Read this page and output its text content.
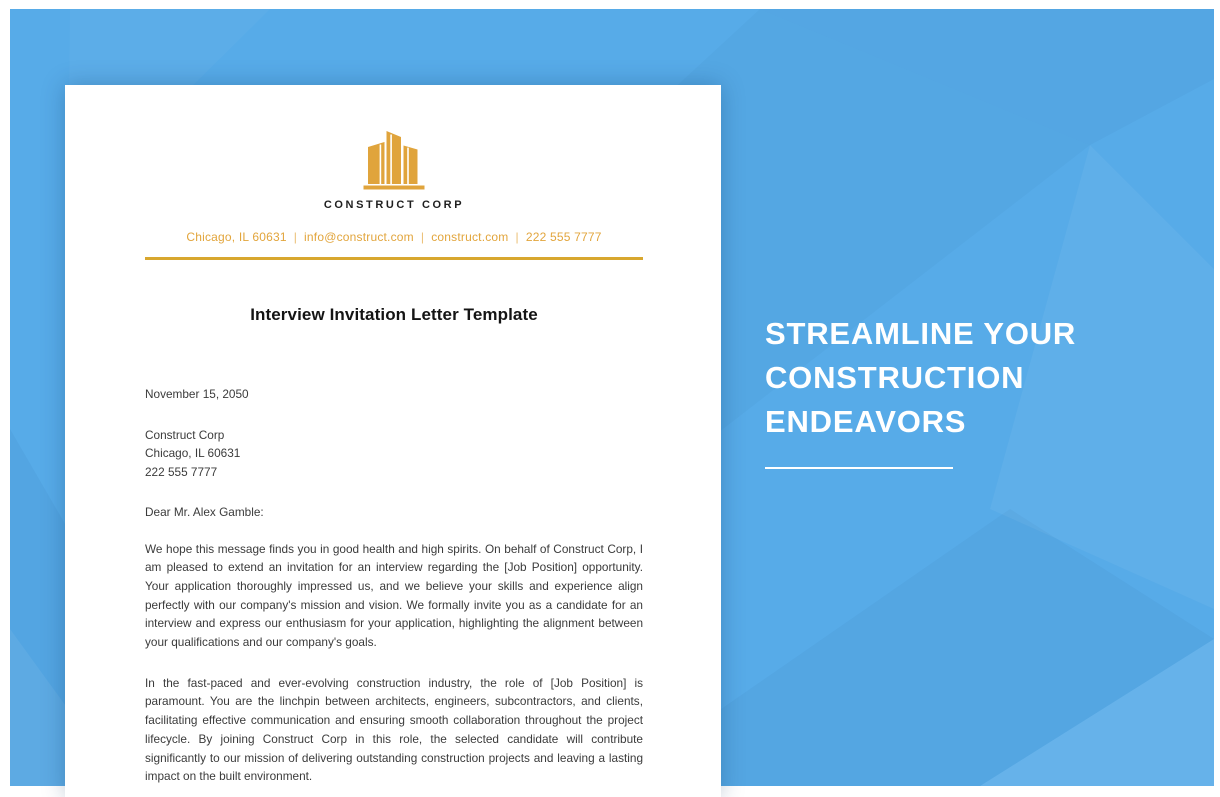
STREAMLINE YOUR
CONSTRUCTION
ENDEAVORS
CONSTRUCT CORP
Chicago, IL 60631 | info@construct.com | construct.com | 222 555 7777
Interview Invitation Letter Template
November 15, 2050
Construct Corp
Chicago, IL 60631
222 555 7777
Dear Mr. Alex Gamble:

We hope this message finds you in good health and high spirits. On behalf of Construct Corp, I am pleased to extend an invitation for an interview regarding the [Job Position] opportunity. Your application thoroughly impressed us, and we believe your skills and experience align perfectly with our company's mission and vision. We formally invite you as a candidate for an interview and express our enthusiasm for your application, highlighting the alignment between your qualifications and our company's goals.

In the fast-paced and ever-evolving construction industry, the role of [Job Position] is paramount. You are the linchpin between architects, engineers, subcontractors, and clients, facilitating effective communication and ensuring smooth collaboration throughout the project lifecycle. By joining Construct Corp in this role, the selected candidate will contribute significantly to our mission of delivering outstanding construction projects and leaving a lasting impact on the built environment.
